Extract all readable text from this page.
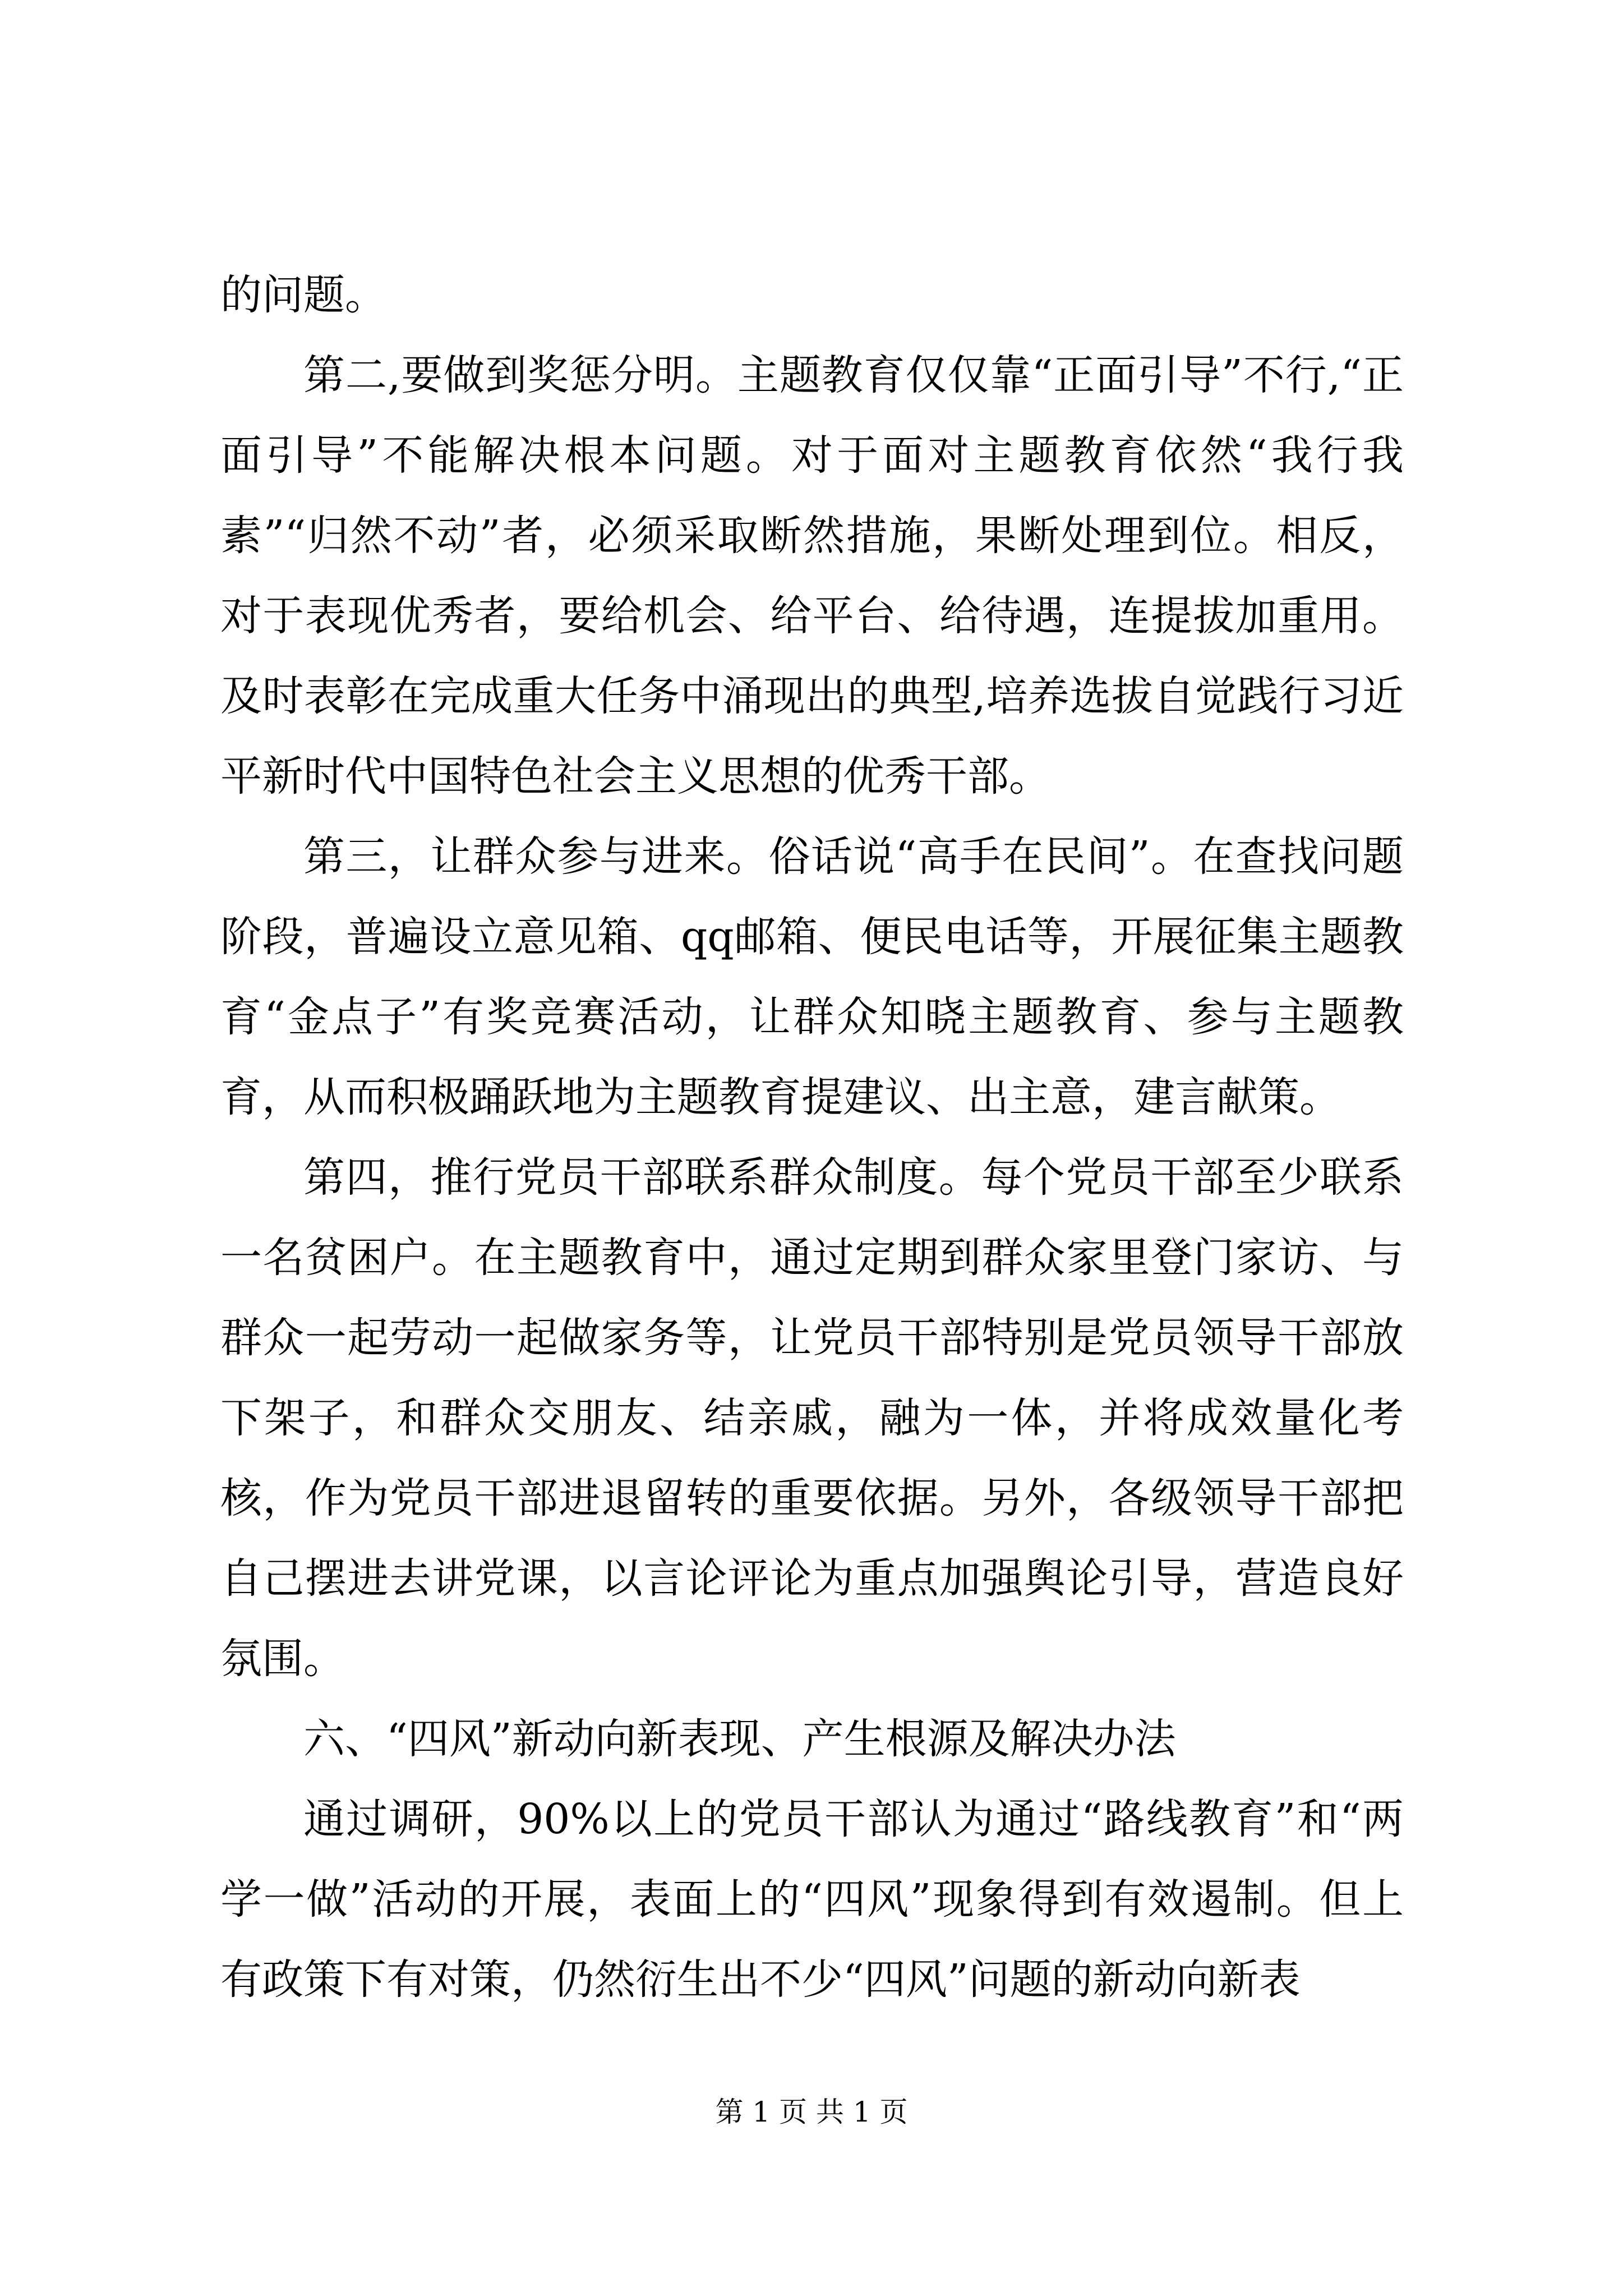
的问题。

第二,要做到奖惩分明。主题教育仅仅靠“正面引导”不行,“正面引导”不能解决根本问题。对于面对主题教育依然“我行我素”“归然不动”者，必须采取断然措施，果断处理到位。相反，对于表现优秀者，要给机会、给平台、给待遇，连提拔加重用。及时表彰在完成重大任务中涌现出的典型,培养选拔自觉践行习近平新时代中国特色社会主义思想的优秀干部。

第三，让群众参与进来。俗话说“高手在民间”。在查找问题阶段，普遍设立意见箱、qq邮箱、便民电话等，开展征集主题教育“金点子”有奖竞赛活动，让群众知晓主题教育、参与主题教育，从而积极踊跃地为主题教育提建议、出主意，建言献策。

第四，推行党员干部联系群众制度。每个党员干部至少联系一名贫困户。在主题教育中，通过定期到群众家里登门家访、与群众一起劳动一起做家务等，让党员干部特别是党员领导干部放下架子，和群众交朋友、结亲戚，融为一体，并将成效量化考核，作为党员干部进退留转的重要依据。另外，各级领导干部把自己摆进去讲党课，以言论评论为重点加强舆论引导，营造良好氛围。

六、“四风”新动向新表现、产生根源及解决办法

通过调研，90%以上的党员干部认为通过“路线教育”和“两学一做”活动的开展，表面上的“四风”现象得到有效遏制。但上有政策下有对策，仍然衍生出不少“四风”问题的新动向新表

第 1 页 共 1 页
